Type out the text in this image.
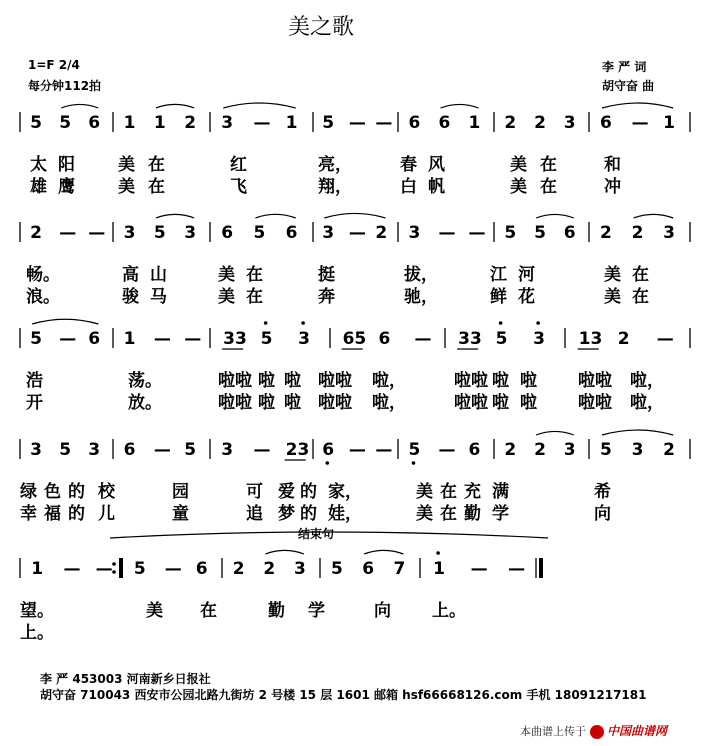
美之歌
1=F 2/4
每分钟112拍
李 严 词
胡守奋 曲
5 5 6 1 1 2 3 — 1 5 — — 6 6 1 2 2 3 6 — 1
太 阳	美 在	红	亮，	春 风	美 在	和
雄 鹰	美 在	飞	翔，	白 帆	美 在	冲
2 — — 3 5 3 6 5 6 3 — 2 3 — — 5 5 6 2 2 3
畅。	高 山	美 在	挺	拔，	江 河	美 在
浪。	骏 马	美 在	奔	驰，	鲜 花	美 在
5 — 6 1 — — 33 5 3 65 6 — 33 5 3 13 2 —
浩	荡。	啦啦 啦 啦 啦啦 啦，	啦啦 啦 啦 啦啦 啦，
开	放。	啦啦 啦 啦 啦啦 啦，	啦啦 啦 啦 啦啦 啦，
3 5 3 6 — 5 3 — 23 6 — — 5 — 6 2 2 3 5 3 2
绿 色 的 校	园	可 爱 的 家，	美 在 充 满	希
幸 福 的 儿	童	追 梦 的 娃，	美 在 勤 学	向
1 — — 5 — 6 2 2 3 5 6 7 1 — —
望。	美 在	勤 学	向 上。
上。
结束句
李 严 453003 河南新乡日报社
胡守奋 710043 西安市公园北路九街坊 2 号楼 15 层 1601 邮箱 hsf66668126.com 手机 18091217181
本曲谱上传于 中国曲谱网
